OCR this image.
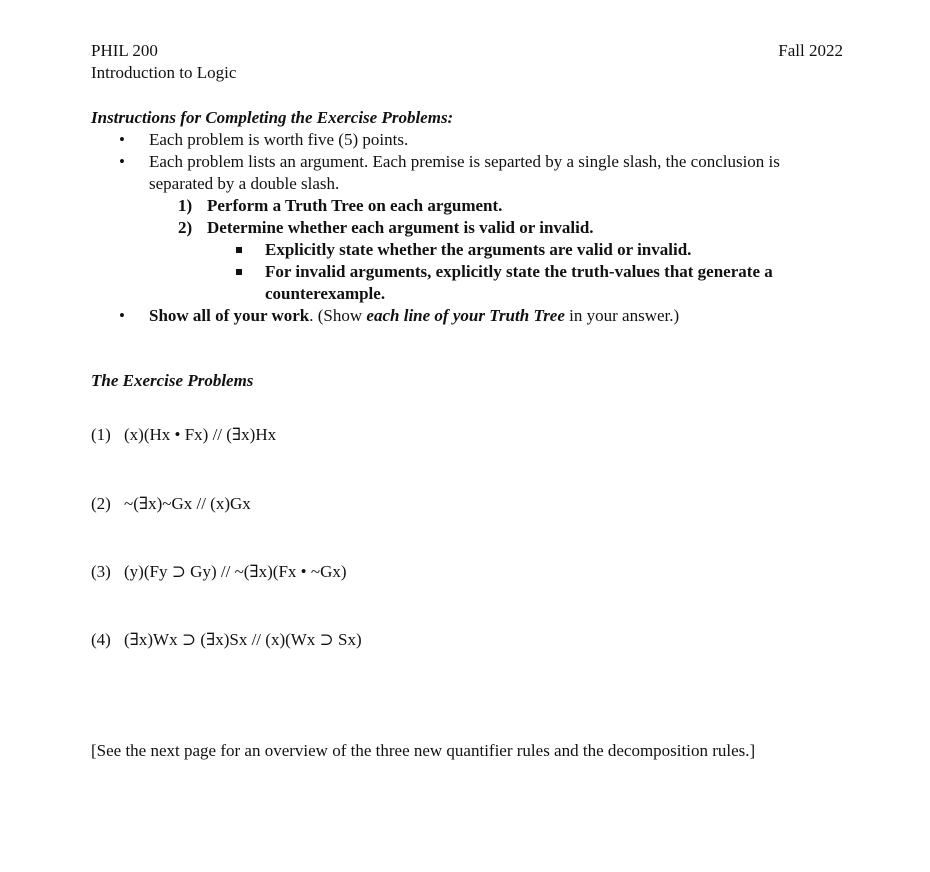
PHIL 200
Introduction to Logic
Fall 2022
Instructions for Completing the Exercise Problems:
• Each problem is worth five (5) points.
• Each problem lists an argument. Each premise is separted by a single slash, the conclusion is separated by a double slash.
1) Perform a Truth Tree on each argument.
2) Determine whether each argument is valid or invalid.
Explicitly state whether the arguments are valid or invalid.
For invalid arguments, explicitly state the truth-values that generate a counterexample.
• Show all of your work. (Show each line of your Truth Tree in your answer.)
The Exercise Problems
(1) (x)(Hx • Fx) // (∃x)Hx
(2) ~(∃x)~Gx // (x)Gx
(3) (y)(Fy ⊃ Gy) // ~(∃x)(Fx • ~Gx)
(4) (∃x)Wx ⊃ (∃x)Sx // (x)(Wx ⊃ Sx)
[See the next page for an overview of the three new quantifier rules and the decomposition rules.]
